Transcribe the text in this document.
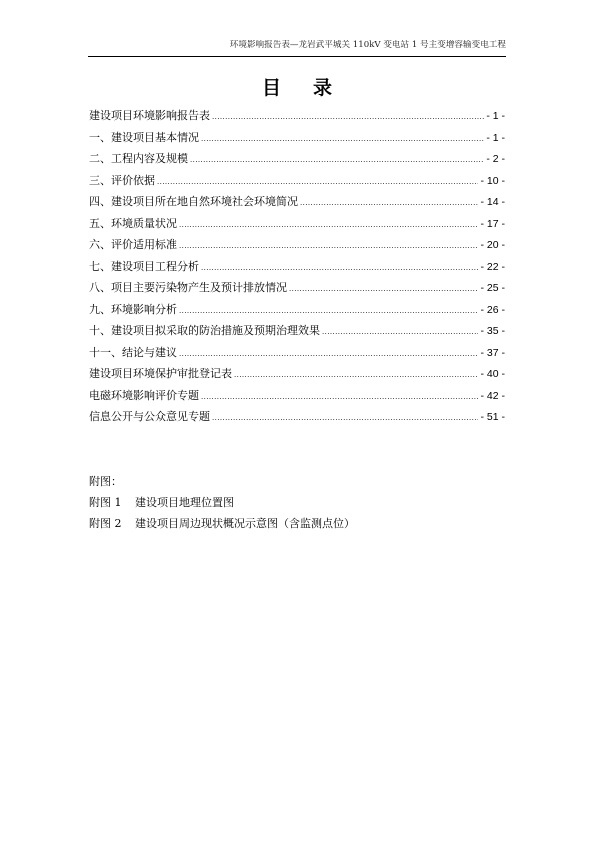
环境影响报告表—龙岩武平城关 110kV 变电站 1 号主变增容输变电工程
目录
建设项目环境影响报告表 .....	- 1 -
一、建设项目基本情况 .....	- 1 -
二、工程内容及规模 .....	- 2 -
三、评价依据 .....	- 10 -
四、建设项目所在地自然环境社会环境简况 .....	- 14 -
五、环境质量状况 .....	- 17 -
六、评价适用标准 .....	- 20 -
七、建设项目工程分析 .....	- 22 -
八、项目主要污染物产生及预计排放情况 .....	- 25 -
九、环境影响分析 .....	- 26 -
十、建设项目拟采取的防治措施及预期治理效果 .....	- 35 -
十一、结论与建议 .....	- 37 -
建设项目环境保护审批登记表 .....	- 40 -
电磁环境影响评价专题 .....	- 42 -
信息公开与公众意见专题 .....	- 51 -
附图：
附图 1 建设项目地理位置图
附图 2 建设项目周边现状概况示意图（含监测点位）
